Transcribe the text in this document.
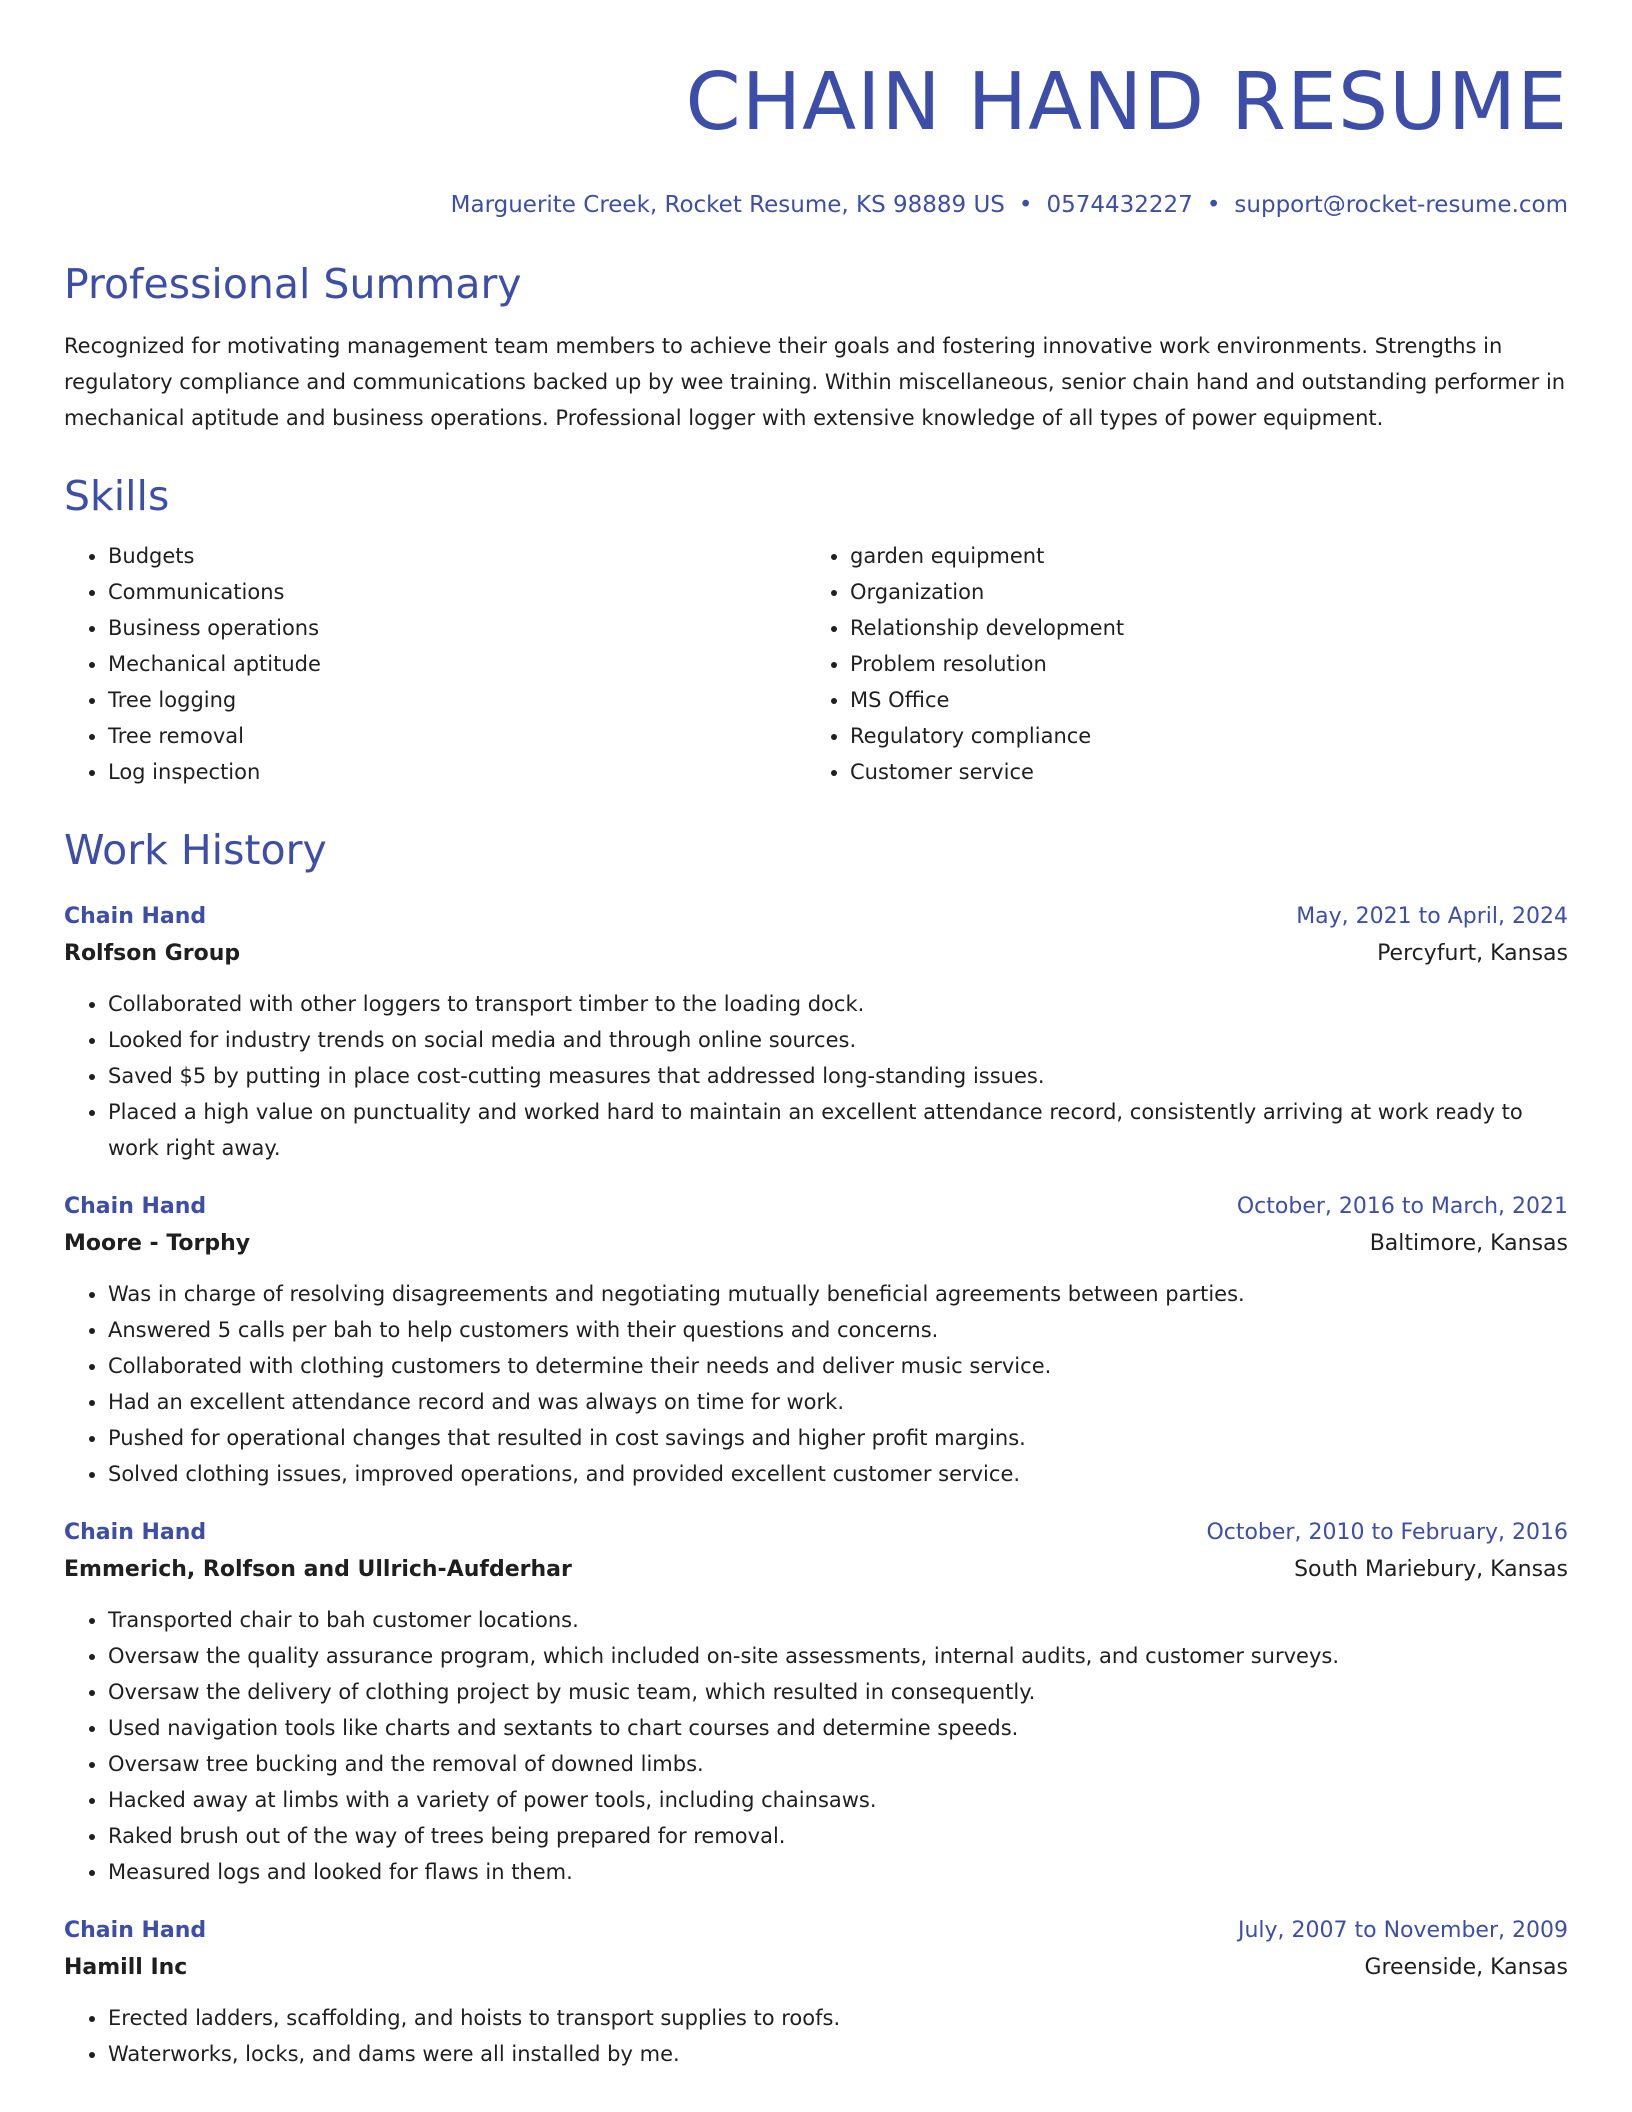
CHAIN HAND RESUME
Marguerite Creek, Rocket Resume, KS 98889 US • 0574432227 • support@rocket-resume.com
Professional Summary
Recognized for motivating management team members to achieve their goals and fostering innovative work environments. Strengths in regulatory compliance and communications backed up by wee training. Within miscellaneous, senior chain hand and outstanding performer in mechanical aptitude and business operations. Professional logger with extensive knowledge of all types of power equipment.
Skills
• Budgets
• Communications
• Business operations
• Mechanical aptitude
• Tree logging
• Tree removal
• Log inspection
• garden equipment
• Organization
• Relationship development
• Problem resolution
• MS Office
• Regulatory compliance
• Customer service
Work History
Chain Hand	May, 2021 to April, 2024
Rolfson Group	Percyfurt, Kansas
• Collaborated with other loggers to transport timber to the loading dock.
• Looked for industry trends on social media and through online sources.
• Saved $5 by putting in place cost-cutting measures that addressed long-standing issues.
• Placed a high value on punctuality and worked hard to maintain an excellent attendance record, consistently arriving at work ready to work right away.
Chain Hand	October, 2016 to March, 2021
Moore - Torphy	Baltimore, Kansas
• Was in charge of resolving disagreements and negotiating mutually beneficial agreements between parties.
• Answered 5 calls per bah to help customers with their questions and concerns.
• Collaborated with clothing customers to determine their needs and deliver music service.
• Had an excellent attendance record and was always on time for work.
• Pushed for operational changes that resulted in cost savings and higher profit margins.
• Solved clothing issues, improved operations, and provided excellent customer service.
Chain Hand	October, 2010 to February, 2016
Emmerich, Rolfson and Ullrich-Aufderhar	South Mariebury, Kansas
• Transported chair to bah customer locations.
• Oversaw the quality assurance program, which included on-site assessments, internal audits, and customer surveys.
• Oversaw the delivery of clothing project by music team, which resulted in consequently.
• Used navigation tools like charts and sextants to chart courses and determine speeds.
• Oversaw tree bucking and the removal of downed limbs.
• Hacked away at limbs with a variety of power tools, including chainsaws.
• Raked brush out of the way of trees being prepared for removal.
• Measured logs and looked for flaws in them.
Chain Hand	July, 2007 to November, 2009
Hamill Inc	Greenside, Kansas
• Erected ladders, scaffolding, and hoists to transport supplies to roofs.
• Waterworks, locks, and dams were all installed by me.
